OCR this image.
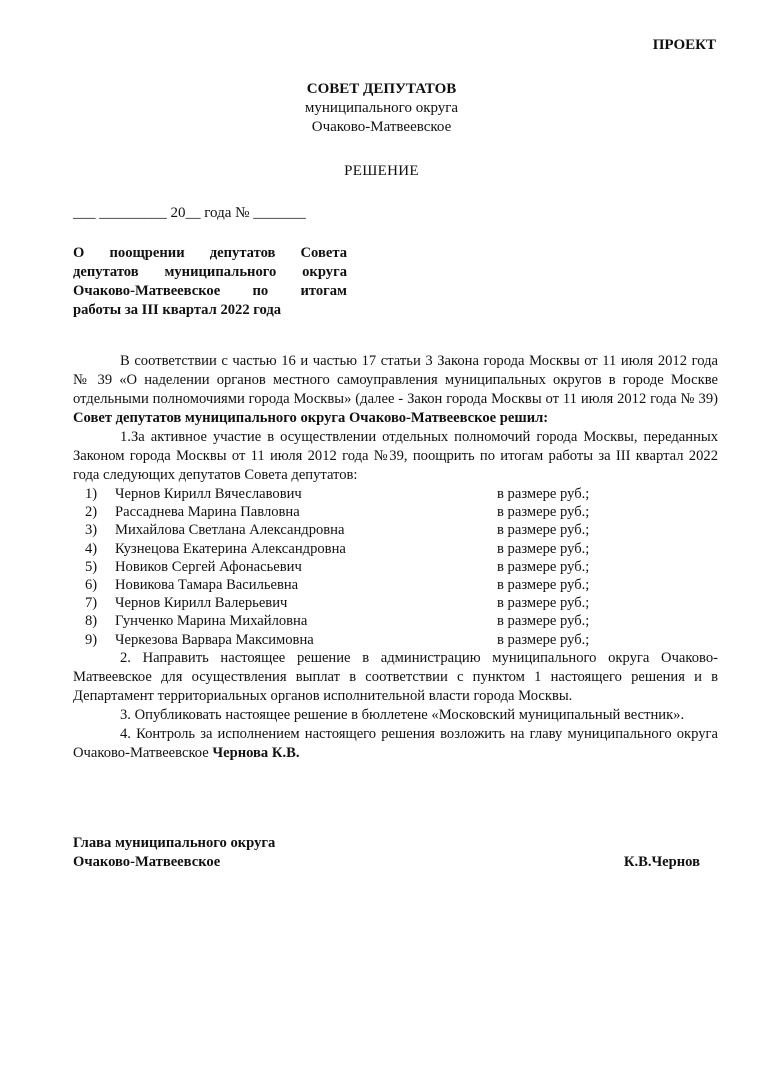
ПРОЕКТ
СОВЕТ ДЕПУТАТОВ
муниципального округа
Очаково-Матвеевское
РЕШЕНИЕ
___ _________ 20__ года № _______
О поощрении депутатов Совета
депутатов муниципального округа
Очаково-Матвеевское по итогам
работы за III квартал 2022 года

В соответствии с частью 16 и частью 17 статьи 3 Закона города Москвы от 11 июля 2012 года № 39 «О наделении органов местного самоуправления муниципальных округов в городе Москве отдельными полномочиями города Москвы» (далее - Закон города Москвы от 11 июля 2012 года № 39) Совет депутатов муниципального округа Очаково-Матвеевское решил:

1.За активное участие в осуществлении отдельных полномочий города Москвы, переданных Законом города Москвы от 11 июля 2012 года №39, поощрить по итогам работы за III квартал 2022 года следующих депутатов Совета депутатов:

1)	Чернов Кирилл Вячеславович	в размере руб.;
2)	Рассаднева Марина Павловна	в размере руб.;
3)	Михайлова Светлана Александровна	в размере руб.;
4)	Кузнецова Екатерина Александровна	в размере руб.;
5)	Новиков Сергей Афонасьевич	в размере руб.;
6)	Новикова Тамара Васильевна	в размере руб.;
7)	Чернов Кирилл Валерьевич	в размере руб.;
8)	Гунченко Марина Михайловна	в размере руб.;
9)	Черкезова Варвара Максимовна	в размере руб.;

2. Направить настоящее решение в администрацию муниципального округа Очаково-Матвеевское для осуществления выплат в соответствии с пунктом 1 настоящего решения и в Департамент территориальных органов исполнительной власти города Москвы.

3. Опубликовать настоящее решение в бюллетене «Московский муниципальный вестник».

4. Контроль за исполнением настоящего решения возложить на главу муниципального округа Очаково-Матвеевское Чернова К.В.

Глава муниципального округа
Очаково-Матвеевское	К.В.Чернов
